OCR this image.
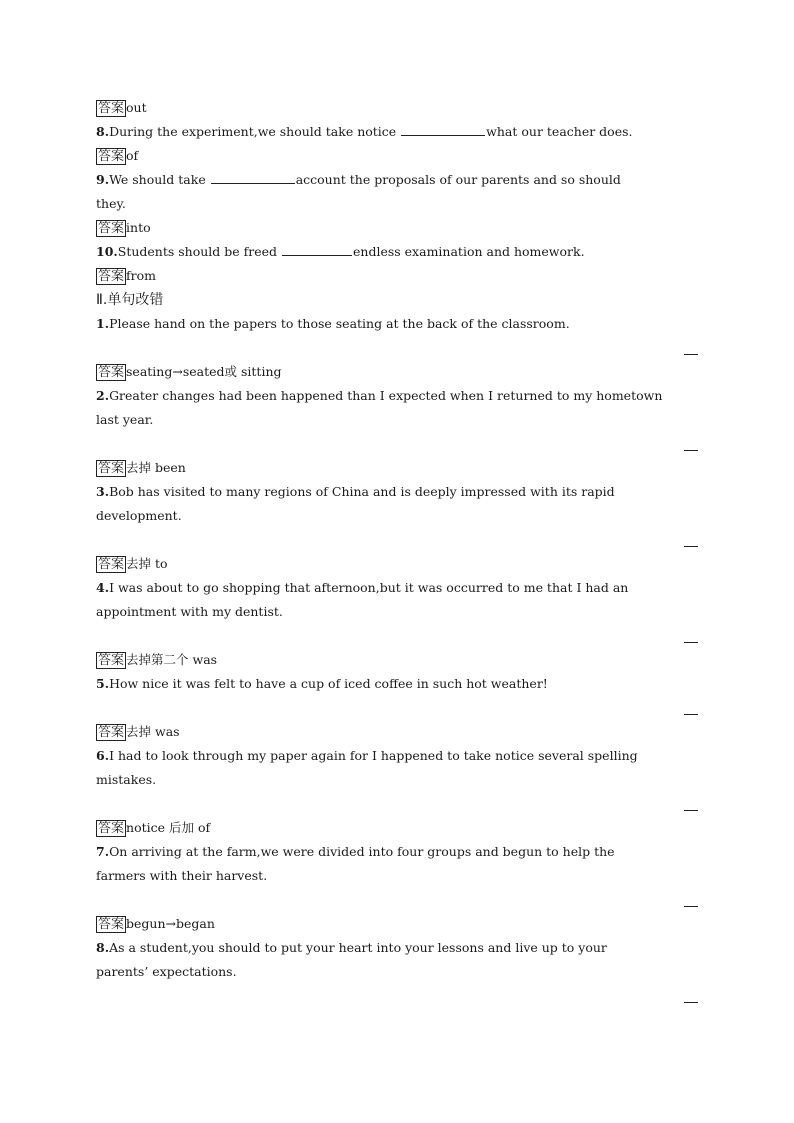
答案 out
8.During the experiment,we should take notice	what our teacher does.
答案 of
9.We should take	account the proposals of our parents and so should
they.
答案 into
10.Students should be freed	endless examination and homework.
答案 from
Ⅱ.单句改错
1.Please hand on the papers to those seating at the back of the classroom.
答案 seating→seated或 sitting
2.Greater changes had been happened than I expected when I returned to my hometown
last year.
答案 去掉 been
3.Bob has visited to many regions of China and is deeply impressed with its rapid
development.
答案 去掉 to
4.I was about to go shopping that afternoon,but it was occurred to me that I had an
appointment with my dentist.
答案 去掉第二个 was
5.How nice it was felt to have a cup of iced coffee in such hot weather!
答案 去掉 was
6.I had to look through my paper again for I happened to take notice several spelling
mistakes.
答案 notice 后加 of
7.On arriving at the farm,we were divided into four groups and begun to help the
farmers with their harvest.
答案 begun→began
8.As a student,you should to put your heart into your lessons and live up to your
parents’ expectations.
